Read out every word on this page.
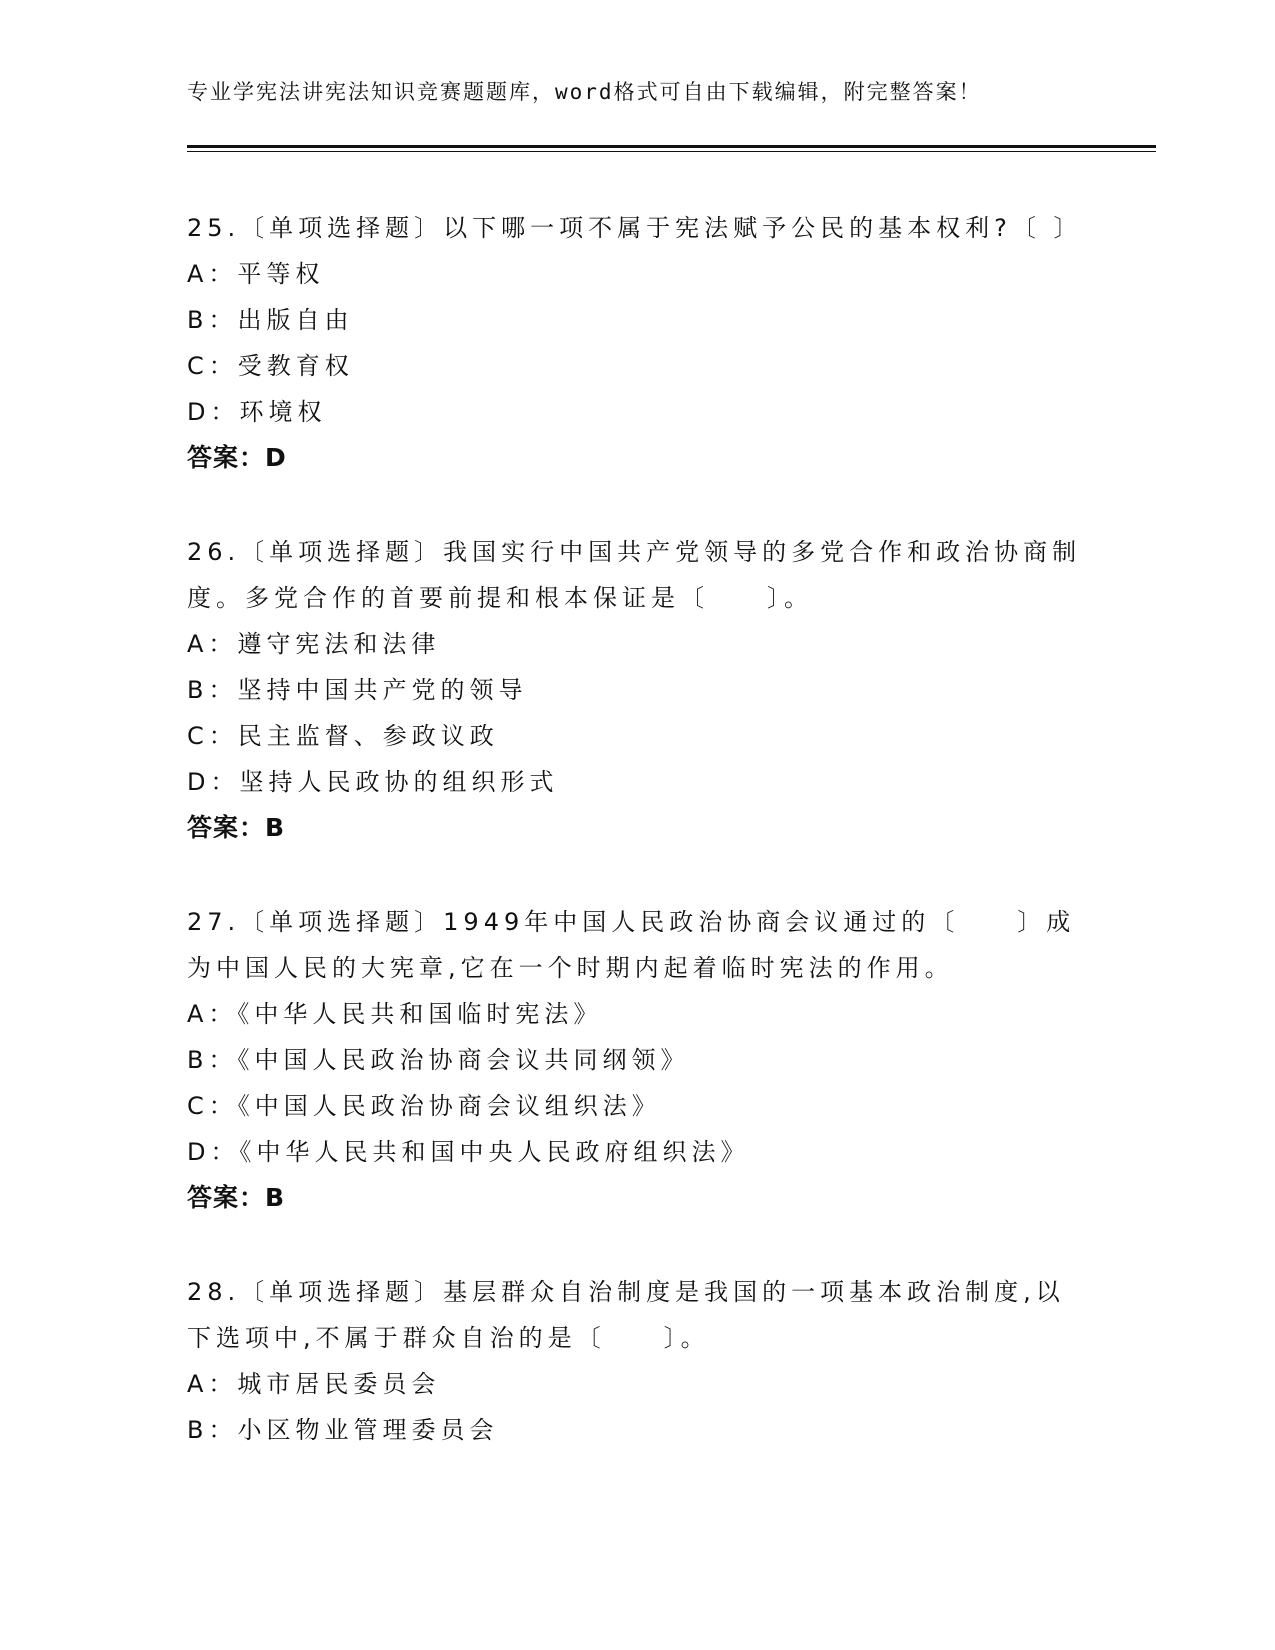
专业学宪法讲宪法知识竞赛题题库，word格式可自由下载编辑，附完整答案！

25.〔单项选择题〕以下哪一项不属于宪法赋予公民的基本权利?〔 〕

A：平等权
B：出版自由
C：受教育权
D：环境权
答案：D

26.〔单项选择题〕我国实行中国共产党领导的多党合作和政治协商制度。多党合作的首要前提和根本保证是〔　　〕。

A：遵守宪法和法律
B：坚持中国共产党的领导
C：民主监督、参政议政
D：坚持人民政协的组织形式
答案：B

27.〔单项选择题〕1949年中国人民政治协商会议通过的〔　　〕成为中国人民的大宪章,它在一个时期内起着临时宪法的作用。

A：《中华人民共和国临时宪法》
B：《中国人民政治协商会议共同纲领》
C：《中国人民政治协商会议组织法》
D：《中华人民共和国中央人民政府组织法》
答案：B

28.〔单项选择题〕基层群众自治制度是我国的一项基本政治制度,以下选项中,不属于群众自治的是〔　　〕。

A：城市居民委员会
B：小区物业管理委员会
